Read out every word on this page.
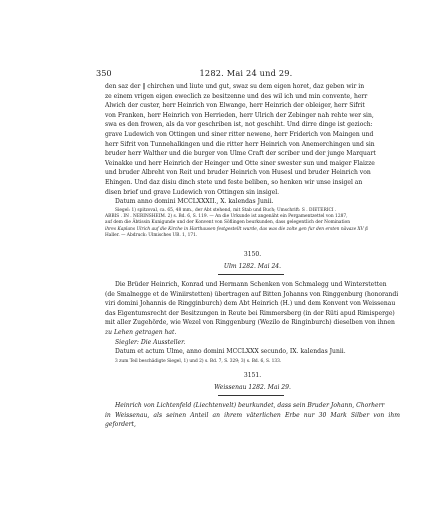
350	1282. Mai 24 und 29.

den saz der ‖ chirchen und liute und gut, swaz su dem eigen horet, daz geben wir in

ze einem vrigen eigen eweclich ze besitzenne und des wil ich und min convente, herr

Alwich der custer, herr Heinrich von Elwange, herr Heinrich der obleiger, herr Sifrit

von Franken, herr Heinrich von Herrieden, herr Ulrich der Zebinger nah rehte wer sin,

swa es den frowen, als da vor geschriben ist, not geschiht. Und dirre dinge ist gezioch:

grave Ludewich von Ottingen und siner ritter newene, herr Friderich von Maingen und

herr Sifrit von Tunnehalkingen und die ritter herr Heinrich von Anemerchingen und sin

bruder herr Walther und die burger von Ulme Craft der scriber und der junge Marquart

Veinakke und herr Heinrich der Heinger und Otte siner swester sun und maiger Flaizze

und bruder Albreht von Reit und bruder Heinrich von Husesl und bruder Heinrich von

Ehingen. Und daz disiu dinch stete und feste beliben, so henken wir unse insigel an

disen brief und grave Ludewich von Ottingen sin insigel.

Datum anno domini MCCLXXXII., X. kalendas Junii.

Siegel: 1) spitzoval, ca. 65, 48 mm., der Abt stehend, mit Stab und Buch; Umschrift: S . DIETERICI .

ABBIS . IN . NERINSHEIM. 2) s. Bd. 6, S. 119. — An die Urkunde ist angenäht ein Pergamentzettel von 1287,

auf dem die Äbtissin Kunigunde und der Konvent von Söflingen beurkunden, dass gelegentlich der Nomination

ihres Kaplans Ulrich auf die Kirche in Harthausen festgestellt wurde, das was die zolte gen fur den ersten nävaze XV ß

Haller. — Abdruck: Ulmisches UB. 1, 171.

3150.

Ulm 1282. Mai 24.

Die Brüder Heinrich, Konrad und Hermann Schenken von Schmalegg und Winterstetten

(de Smalnegge et de Winiirstetten) übertragen auf Bitten Johanns von Ringgenburg (honorandi

viri domini Johannis de Ringginburch) dem Abt Heinrich (H.) und dem Konvent von Weissenau

das Eigentumsrecht der Besitzungen in Reute bei Rimmersberg (in der Rüti apud Rimisperge)

mit aller Zugehörde, wie Wezel von Ringgenburg (Wezilo de Ringinburch) dieselben von ihnen

zu Lehen getragen hat.

Siegler: Die Aussteller.

Datum et actum Ulme, anno domini MCCLXXX secundo, IX. kalendas Junii.

3 zum Teil beschädigte Siegel, 1) und 2) s. Bd. 7, S. 329; 3) s. Bd. 6, S. 133.

3151.

Weissenau 1282. Mai 29.

Heinrich von Lichtenfeld (Liechtenvelt) beurkundet, dass sein Bruder Johann, Chorherr

in Weissenau, als seinen Anteil an ihrem väterlichen Erbe nur 30 Mark Silber von ihm gefordert,
